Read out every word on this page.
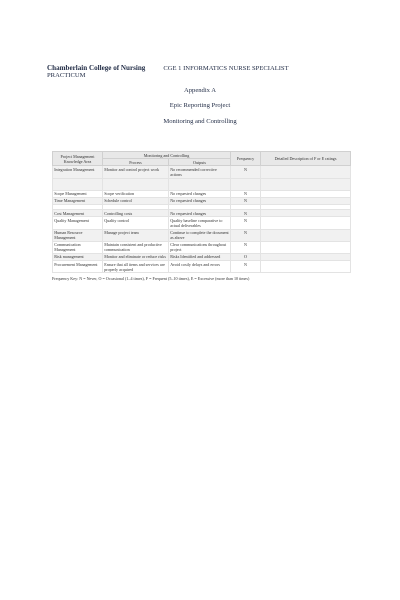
Chamberlain College of Nursing	CGE 1 INFORMATICS NURSE SPECIALIST
PRACTICUM
Appendix A
Epic Reporting Project
Monitoring and Controlling
Project Management Knowledge Area	Monitoring and Controlling		Frequency	Detailed Description of F or E ratings
	Process	Outputs		
Integration Management	Monitor and control project work	No recommended corrective actions	N	

Scope Management	Scope verification	No requested changes	N	
Time Management	Schedule control	No requested changes	N	

Cost Management	Controlling costs	No requested changes	N	
Quality Management	Quality control	Quality baseline comparative to actual deliverables	N	
Human Resource Management	Manage project team	Continue to complete the document as above	N	
Communication Management	Maintain consistent and productive communication	Clear communications throughout project	N	
Risk management	Monitor and eliminate or reduce risks	Risks Identified and addressed	O	
Procurement Management	Ensure that all items and services are properly acquired	Avoid costly delays and errors	N	
Frequency Key: N = Never, O = Occasional (1–4 times), F = Frequent (5–10 times), E = Excessive (more than 10 times)
